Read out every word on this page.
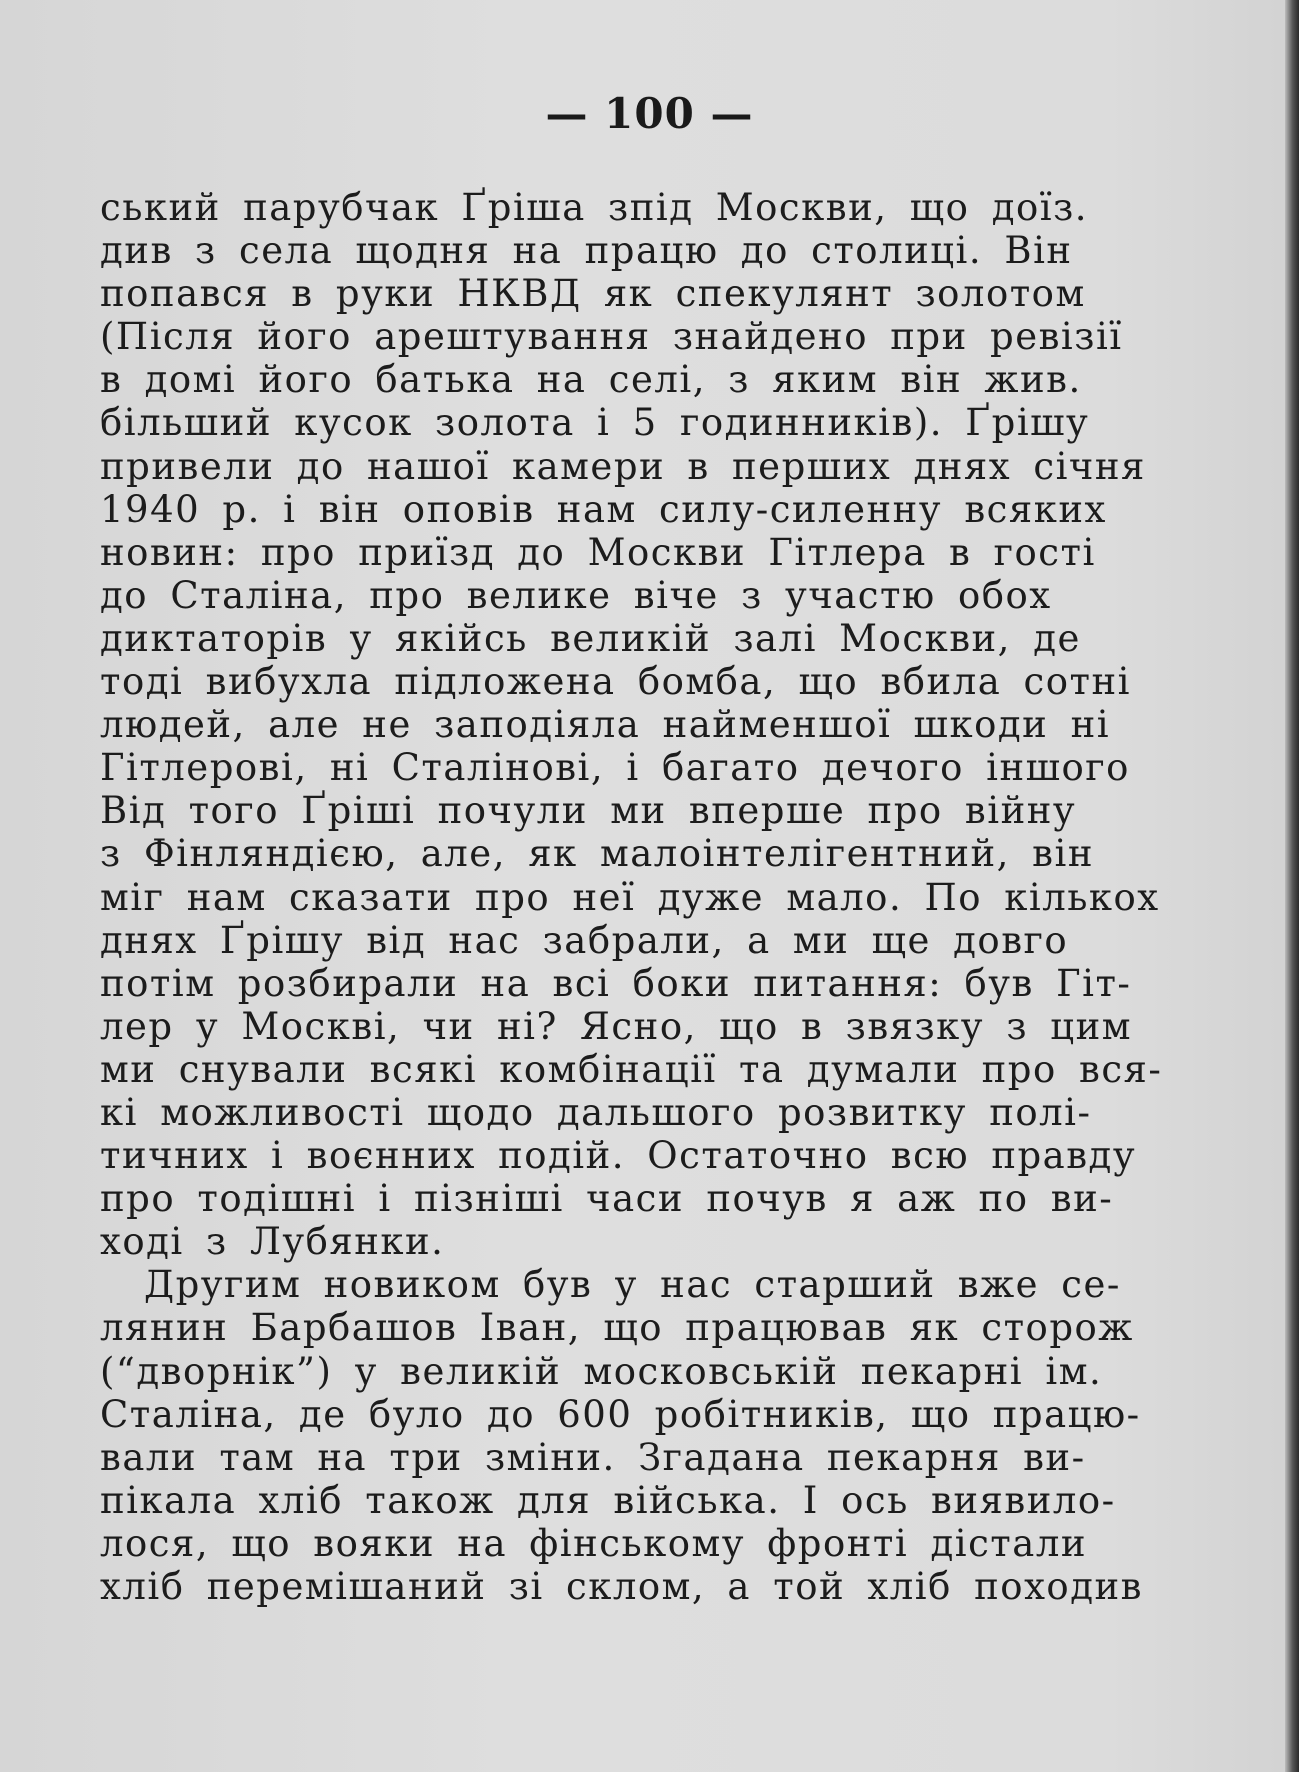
— 100 —
ський парубчак Ґріша зпід Москви, що доїз.
див з села щодня на працю до столиці. Він
попався в руки НКВД як спекулянт золотом
(Після його арештування знайдено при ревізії
в домі його батька на селі, з яким він жив.
більший кусок золота і 5 годинників). Ґрішу
привели до нашої камери в перших днях січня
1940 р. і він оповів нам силу-силенну всяких
новин: про приїзд до Москви Гітлера в гості
до Сталіна, про велике віче з участю обох
диктаторів у якійсь великій залі Москви, де
тоді вибухла підложена бомба, що вбила сотні
людей, але не заподіяла найменшої шкоди ні
Гітлерові, ні Сталінові, і багато дечого іншого
Від того Ґріші почули ми вперше про війну
з Фінляндією, але, як малоінтелігентний, він
міг нам сказати про неї дуже мало. По кількох
днях Ґрішу від нас забрали, а ми ще довго
потім розбирали на всі боки питання: був Гіт-
лер у Москві, чи ні? Ясно, що в звязку з цим
ми снували всякі комбінації та думали про вся-
кі можливості щодо дальшого розвитку полі-
тичних і воєнних подій. Остаточно всю правду
про тодішні і пізніші часи почув я аж по ви-
ході з Лубянки.
Другим новиком був у нас старший вже се-
лянин Барбашов Іван, що працював як сторож
(“дворнік”) у великій московській пекарні ім.
Сталіна, де було до 600 робітників, що працю-
вали там на три зміни. Згадана пекарня ви-
пікала хліб також для війська. І ось виявило-
лося, що вояки на фінському фронті дістали
хліб перемішаний зі склом, а той хліб походив
